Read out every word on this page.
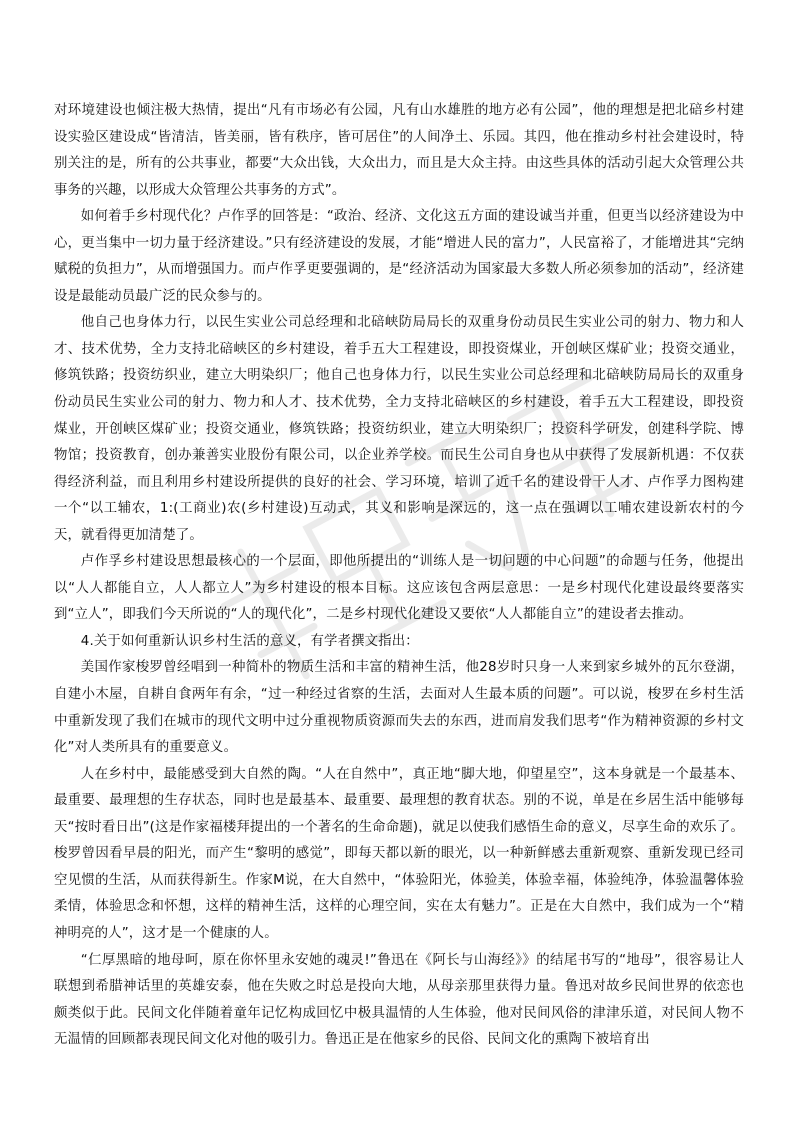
对环境建设也倾注极大热情，提出“凡有市场必有公园，凡有山水雄胜的地方必有公园”，他的理想是把北碚乡村建设实验区建设成“皆清洁，皆美丽，皆有秩序，皆可居住”的人间净土、乐园。其四，他在推动乡村社会建设时，特别关注的是，所有的公共事业，都要“大众出钱，大众出力，而且是大众主持。由这些具体的活动引起大众管理公共事务的兴趣，以形成大众管理公共事务的方式”。

如何着手乡村现代化？卢作孚的回答是：“政治、经济、文化这五方面的建设诚当并重，但更当以经济建设为中心，更当集中一切力量于经济建设。”只有经济建设的发展，才能“增进人民的富力”，人民富裕了，才能增进其“完纳赋税的负担力”，从而增强国力。而卢作孚更要强调的，是“经济活动为国家最大多数人所必须参加的活动”，经济建设是最能动员最广泛的民众参与的。

他自己也身体力行，以民生实业公司总经理和北碚峡防局局长的双重身份动员民生实业公司的射力、物力和人才、技术优势，全力支持北碚峡区的乡村建设，着手五大工程建设，即投资煤业，开创峡区煤矿业；投资交通业，修筑铁路；投资纺织业，建立大明染织厂；他自己也身体力行，以民生实业公司总经理和北碚峡防局局长的双重身份动员民生实业公司的射力、物力和人才、技术优势，全力支持北碚峡区的乡村建设，着手五大工程建设，即投资煤业，开创峡区煤矿业；投资交通业，修筑铁路；投资纺织业，建立大明染织厂；投资科学研发，创建科学院、博物馆；投资教育，创办兼善实业股份有限公司，以企业养学校。而民生公司自身也从中获得了发展新机遇：不仅获得经济利益，而且利用乡村建设所提供的良好的社会、学习环境，培训了近千名的建设骨干人才、卢作孚力图构建一个“以工辅农，1:(工商业)农(乡村建设)互动式，其义和影响是深远的，这一点在强调以工哺农建设新农村的今天，就看得更加清楚了。

卢作孚乡村建设思想最核心的一个层面，即他所提出的“训练人是一切问题的中心问题”的命题与任务，他提出以“人人都能自立，人人都立人”为乡村建设的根本目标。这应该包含两层意思：一是乡村现代化建设最终要落实到“立人”，即我们今天所说的“人的现代化”，二是乡村现代化建设又要依“人人都能自立”的建设者去推动。

4.关于如何重新认识乡村生活的意义，有学者撰文指出：

美国作家梭罗曾经唱到一种简朴的物质生活和丰富的精神生活，他28岁时只身一人来到家乡城外的瓦尔登湖，自建小木屋，自耕自食两年有余，“过一种经过省察的生活，去面对人生最本质的问题”。可以说，梭罗在乡村生活中重新发现了我们在城市的现代文明中过分重视物质资源而失去的东西，进而肩发我们思考“作为精神资源的乡村文化”对人类所具有的重要意义。

人在乡村中，最能感受到大自然的陶。“人在自然中”，真正地“脚大地，仰望星空”，这本身就是一个最基本、最重要、最理想的生存状态，同时也是最基本、最重要、最理想的教育状态。别的不说，单是在乡居生活中能够每天“按时看日出”(这是作家福楼拜提出的一个著名的生命命题)，就足以使我们感悟生命的意义，尽享生命的欢乐了。梭罗曾因看早晨的阳光，而产生“黎明的感觉”，即每天都以新的眼光，以一种新鲜感去重新观察、重新发现已经司空见惯的生活，从而获得新生。作家M说，在大自然中，“体验阳光，体验美，体验幸福，体验纯净，体验温馨体验柔情，体验思念和怀想，这样的精神生活，这样的心理空间，实在太有魅力”。正是在大自然中，我们成为一个“精神明亮的人”，这才是一个健康的人。

“仁厚黑暗的地母呵，原在你怀里永安她的魂灵!”鲁迅在《阿长与山海经》》的结尾书写的“地母”，很容易让人联想到希腊神话里的英雄安泰，他在失败之时总是投向大地，从母亲那里获得力量。鲁迅对故乡民间世界的依恋也颇类似于此。民间文化伴随着童年记忆构成回忆中极具温情的人生体验，他对民间风俗的津津乐道，对民间人物不无温情的回顾都表现民间文化对他的吸引力。鲁迅正是在他家乡的民俗、民间文化的熏陶下被培育出
